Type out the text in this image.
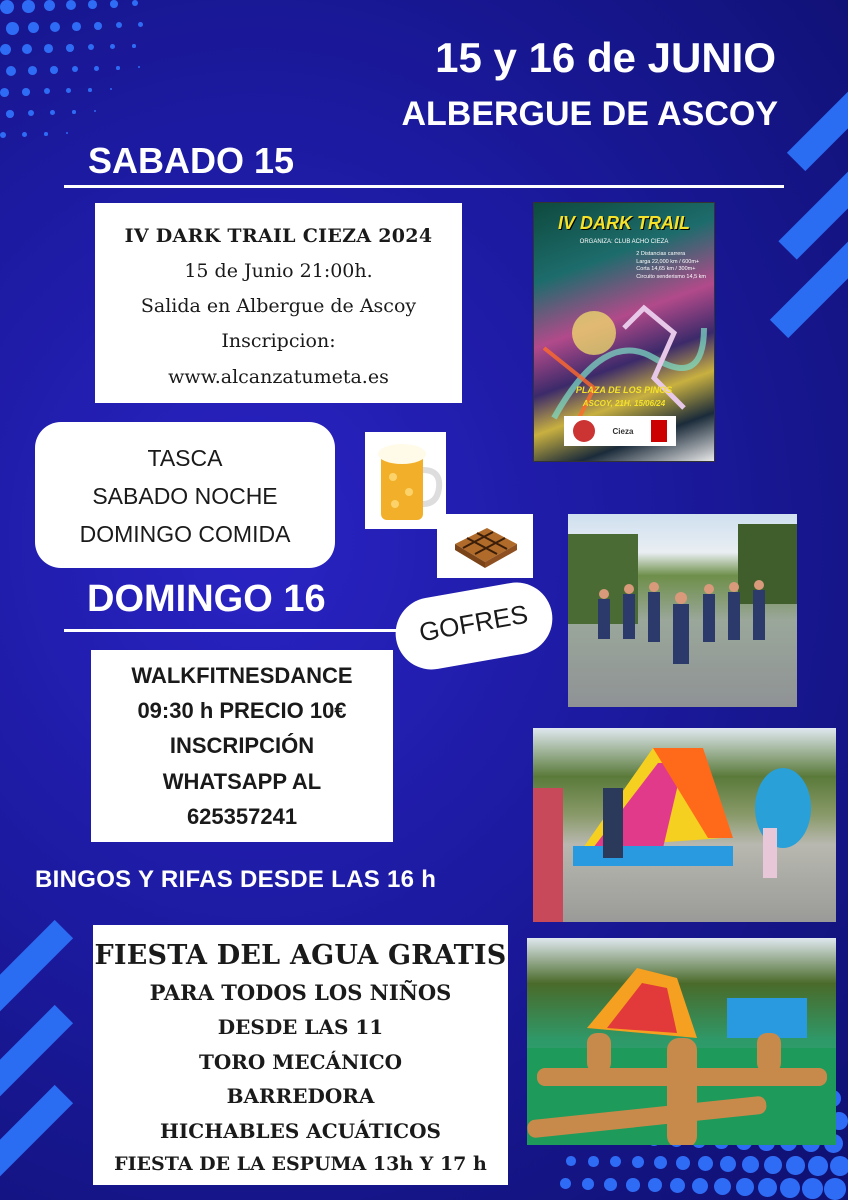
15 y 16 de JUNIO
ALBERGUE DE ASCOY
SABADO 15
IV DARK TRAIL CIEZA 2024
15 de Junio 21:00h.
Salida en Albergue de Ascoy
Inscripcion:
www.alcanzatumeta.es
IV DARK TRAIL
ORGANIZA: CLUB ACHO CIEZA
2 Distancias carrera
Larga 22,000 km / 600m+
Corta 14,65 km / 300m+
Circuito senderismo 14,5 km
PLAZA DE LOS PINOS
ASCOY, 21H. 15/06/24
Cieza
TASCA
SABADO NOCHE
DOMINGO COMIDA
DOMINGO 16	GOFRES
WALKFITNESDANCE
09:30 h PRECIO 10€
INSCRIPCIÓN
WHATSAPP AL
625357241
BINGOS Y RIFAS DESDE LAS 16 h
FIESTA DEL AGUA GRATIS
PARA TODOS LOS NIÑOS
DESDE LAS 11
TORO MECÁNICO
BARREDORA
HICHABLES ACUÁTICOS
FIESTA DE LA ESPUMA 13h Y 17 h
